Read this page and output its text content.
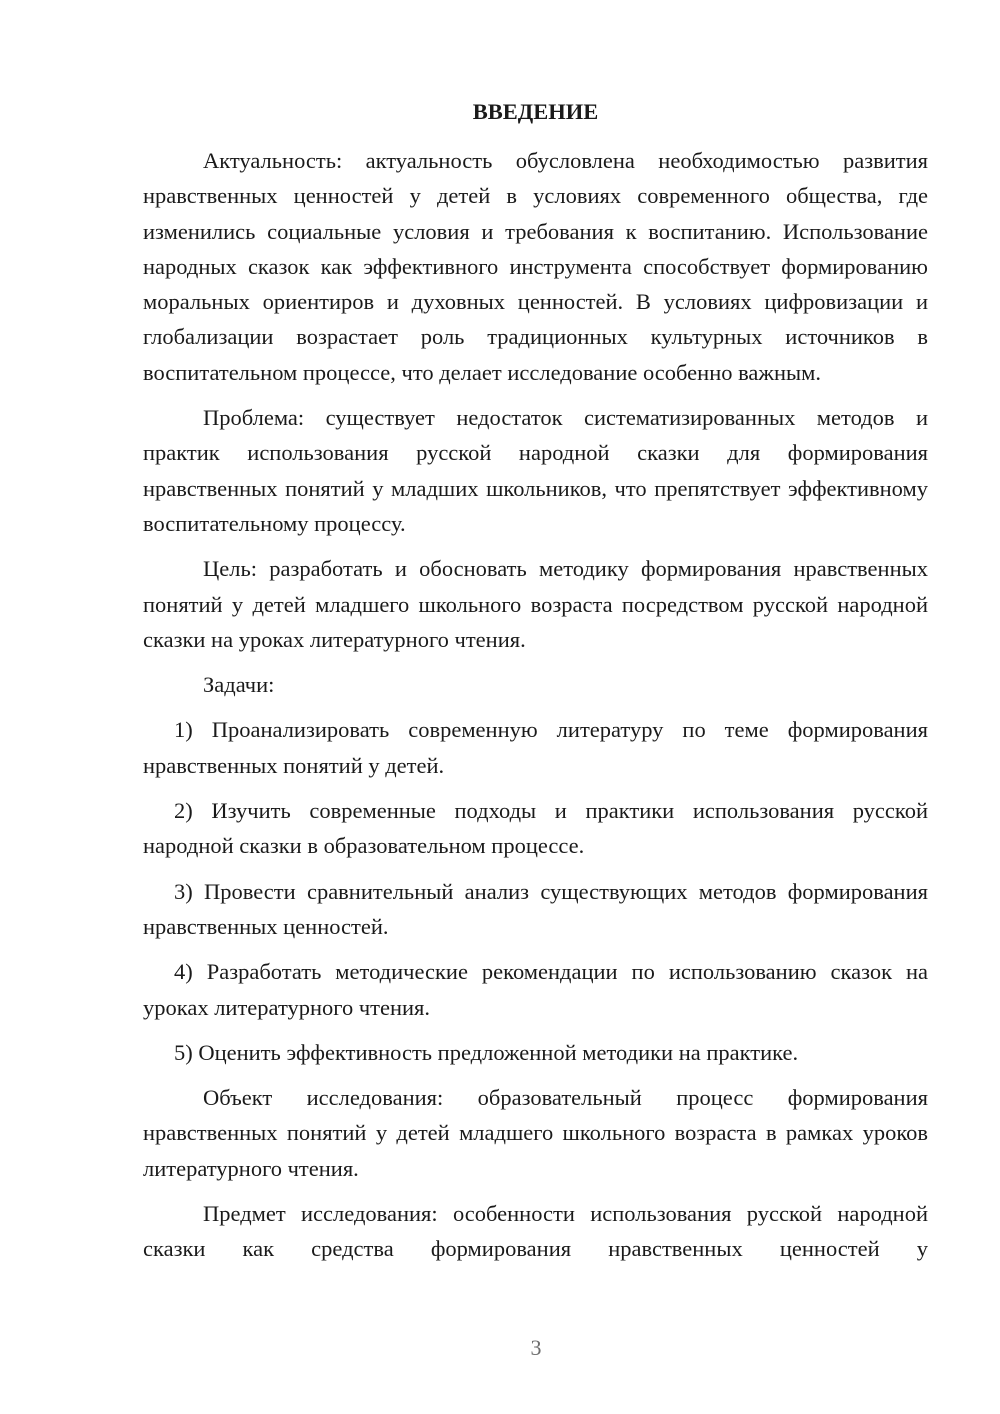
ВВЕДЕНИЕ

Актуальность: актуальность обусловлена необходимостью развития нравственных ценностей у детей в условиях современного общества, где изменились социальные условия и требования к воспитанию. Использование народных сказок как эффективного инструмента способствует формированию моральных ориентиров и духовных ценностей. В условиях цифровизации и глобализации возрастает роль традиционных культурных источников в воспитательном процессе, что делает исследование особенно важным.

Проблема: существует недостаток систематизированных методов и практик использования русской народной сказки для формирования нравственных понятий у младших школьников, что препятствует эффективному воспитательному процессу.

Цель: разработать и обосновать методику формирования нравственных понятий у детей младшего школьного возраста посредством русской народной сказки на уроках литературного чтения.

Задачи:

1) Проанализировать современную литературу по теме формирования нравственных понятий у детей.

2) Изучить современные подходы и практики использования русской народной сказки в образовательном процессе.

3) Провести сравнительный анализ существующих методов формирования нравственных ценностей.

4) Разработать методические рекомендации по использованию сказок на уроках литературного чтения.

5) Оценить эффективность предложенной методики на практике.

Объект исследования: образовательный процесс формирования нравственных понятий у детей младшего школьного возраста в рамках уроков литературного чтения.

Предмет исследования: особенности использования русской народной сказки как средства формирования нравственных ценностей у

3
